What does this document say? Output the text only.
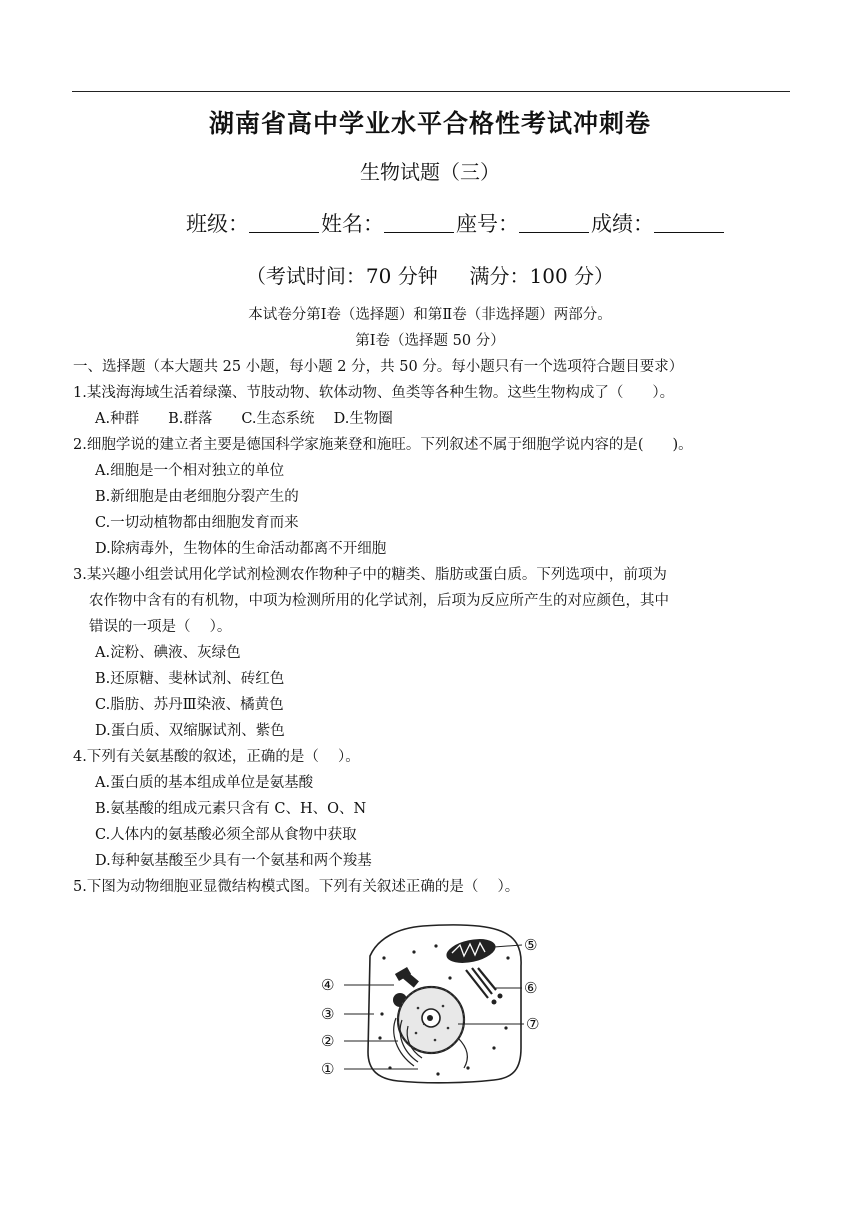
湖南省高中学业水平合格性考试冲刺卷
生物试题（三）
班级：	姓名：	座号：	成绩：
（考试时间：70 分钟     满分：100 分）
本试卷分第Ⅰ卷（选择题）和第Ⅱ卷（非选择题）两部分。
第Ⅰ卷（选择题 50 分）
一、选择题（本大题共 25 小题，每小题 2 分，共 50 分。每小题只有一个选项符合题目要求）
1.某浅海海域生活着绿藻、节肢动物、软体动物、鱼类等各种生物。这些生物构成了（　　）。
A.种群　　B.群落　　C.生态系统　 D.生物圈
2.细胞学说的建立者主要是德国科学家施莱登和施旺。下列叙述不属于细胞学说内容的是(　　)。
A.细胞是一个相对独立的单位
B.新细胞是由老细胞分裂产生的
C.一切动植物都由细胞发育而来
D.除病毒外，生物体的生命活动都离不开细胞
3.某兴趣小组尝试用化学试剂检测农作物种子中的糖类、脂肪或蛋白质。下列选项中，前项为
农作物中含有的有机物，中项为检测所用的化学试剂，后项为反应所产生的对应颜色，其中
错误的一项是（　 ）。
A.淀粉、碘液、灰绿色
B.还原糖、斐林试剂、砖红色
C.脂肪、苏丹Ⅲ染液、橘黄色
D.蛋白质、双缩脲试剂、紫色
4.下列有关氨基酸的叙述，正确的是（　 ）。
A.蛋白质的基本组成单位是氨基酸
B.氨基酸的组成元素只含有 C、H、O、N
C.人体内的氨基酸必须全部从食物中获取
D.每种氨基酸至少具有一个氨基和两个羧基
5.下图为动物细胞亚显微结构模式图。下列有关叙述正确的是（　 ）。
④
③
②
①
⑤
⑥
⑦
